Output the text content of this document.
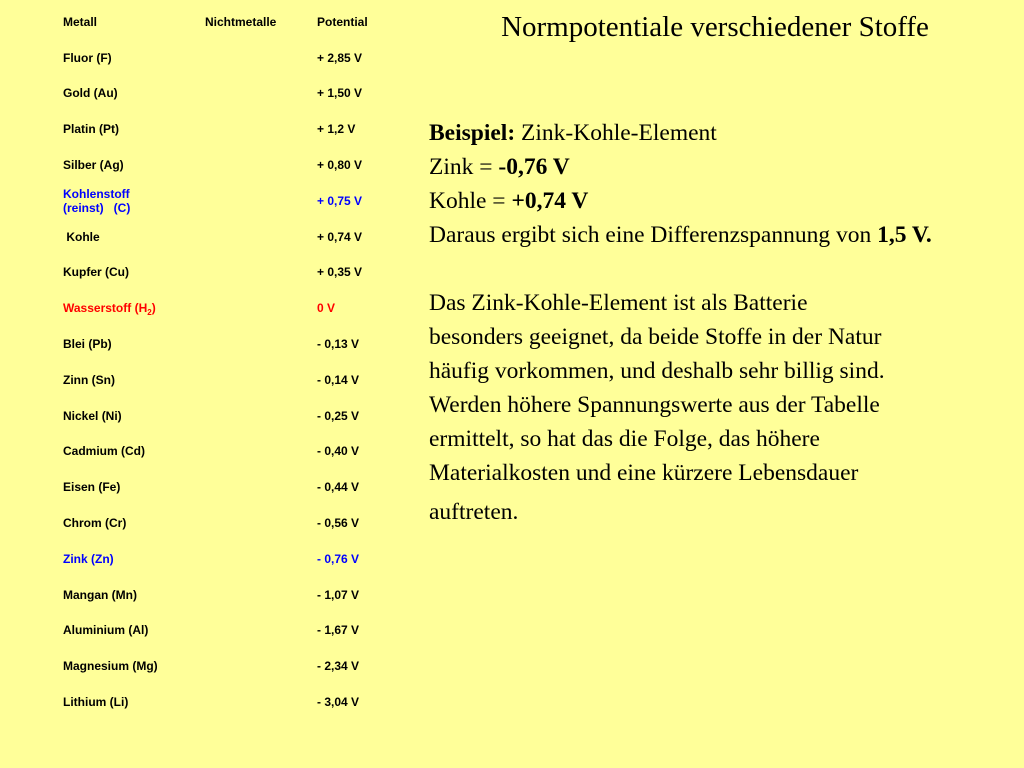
Metall	Nichtmetalle	Potential
Fluor (F)	+ 2,85 V
Gold (Au)	+ 1,50 V
Platin (Pt)	+ 1,2 V
Silber (Ag)	+ 0,80 V
Kohlenstoff
(reinst)   (C)	+ 0,75 V
Kohle	+ 0,74 V
Kupfer (Cu)	+ 0,35 V
Wasserstoff $(H_2)$	0 V
Blei (Pb)	- 0,13 V
Zinn (Sn)	- 0,14 V
Nickel (Ni)	- 0,25 V
Cadmium (Cd)	- 0,40 V
Eisen (Fe)	- 0,44 V
Chrom (Cr)	- 0,56 V
Zink (Zn)	- 0,76 V
Mangan (Mn)	- 1,07 V
Aluminium (Al)	- 1,67 V
Magnesium (Mg)	- 2,34 V
Lithium (Li)	- 3,04 V
Normpotentiale verschiedener Stoffe

Beispiel: Zink-Kohle-Element

Zink = -0,76 V

Kohle = +0,74 V

Daraus ergibt sich eine Differenzspannung von 1,5 V.

Das Zink-Kohle-Element ist als Batterie

besonders geeignet, da beide Stoffe in der Natur

häufig vorkommen, und deshalb sehr billig sind.

Werden höhere Spannungswerte aus der Tabelle

ermittelt, so hat das die Folge, das höhere

Materialkosten und eine kürzere Lebensdauer

auftreten.
